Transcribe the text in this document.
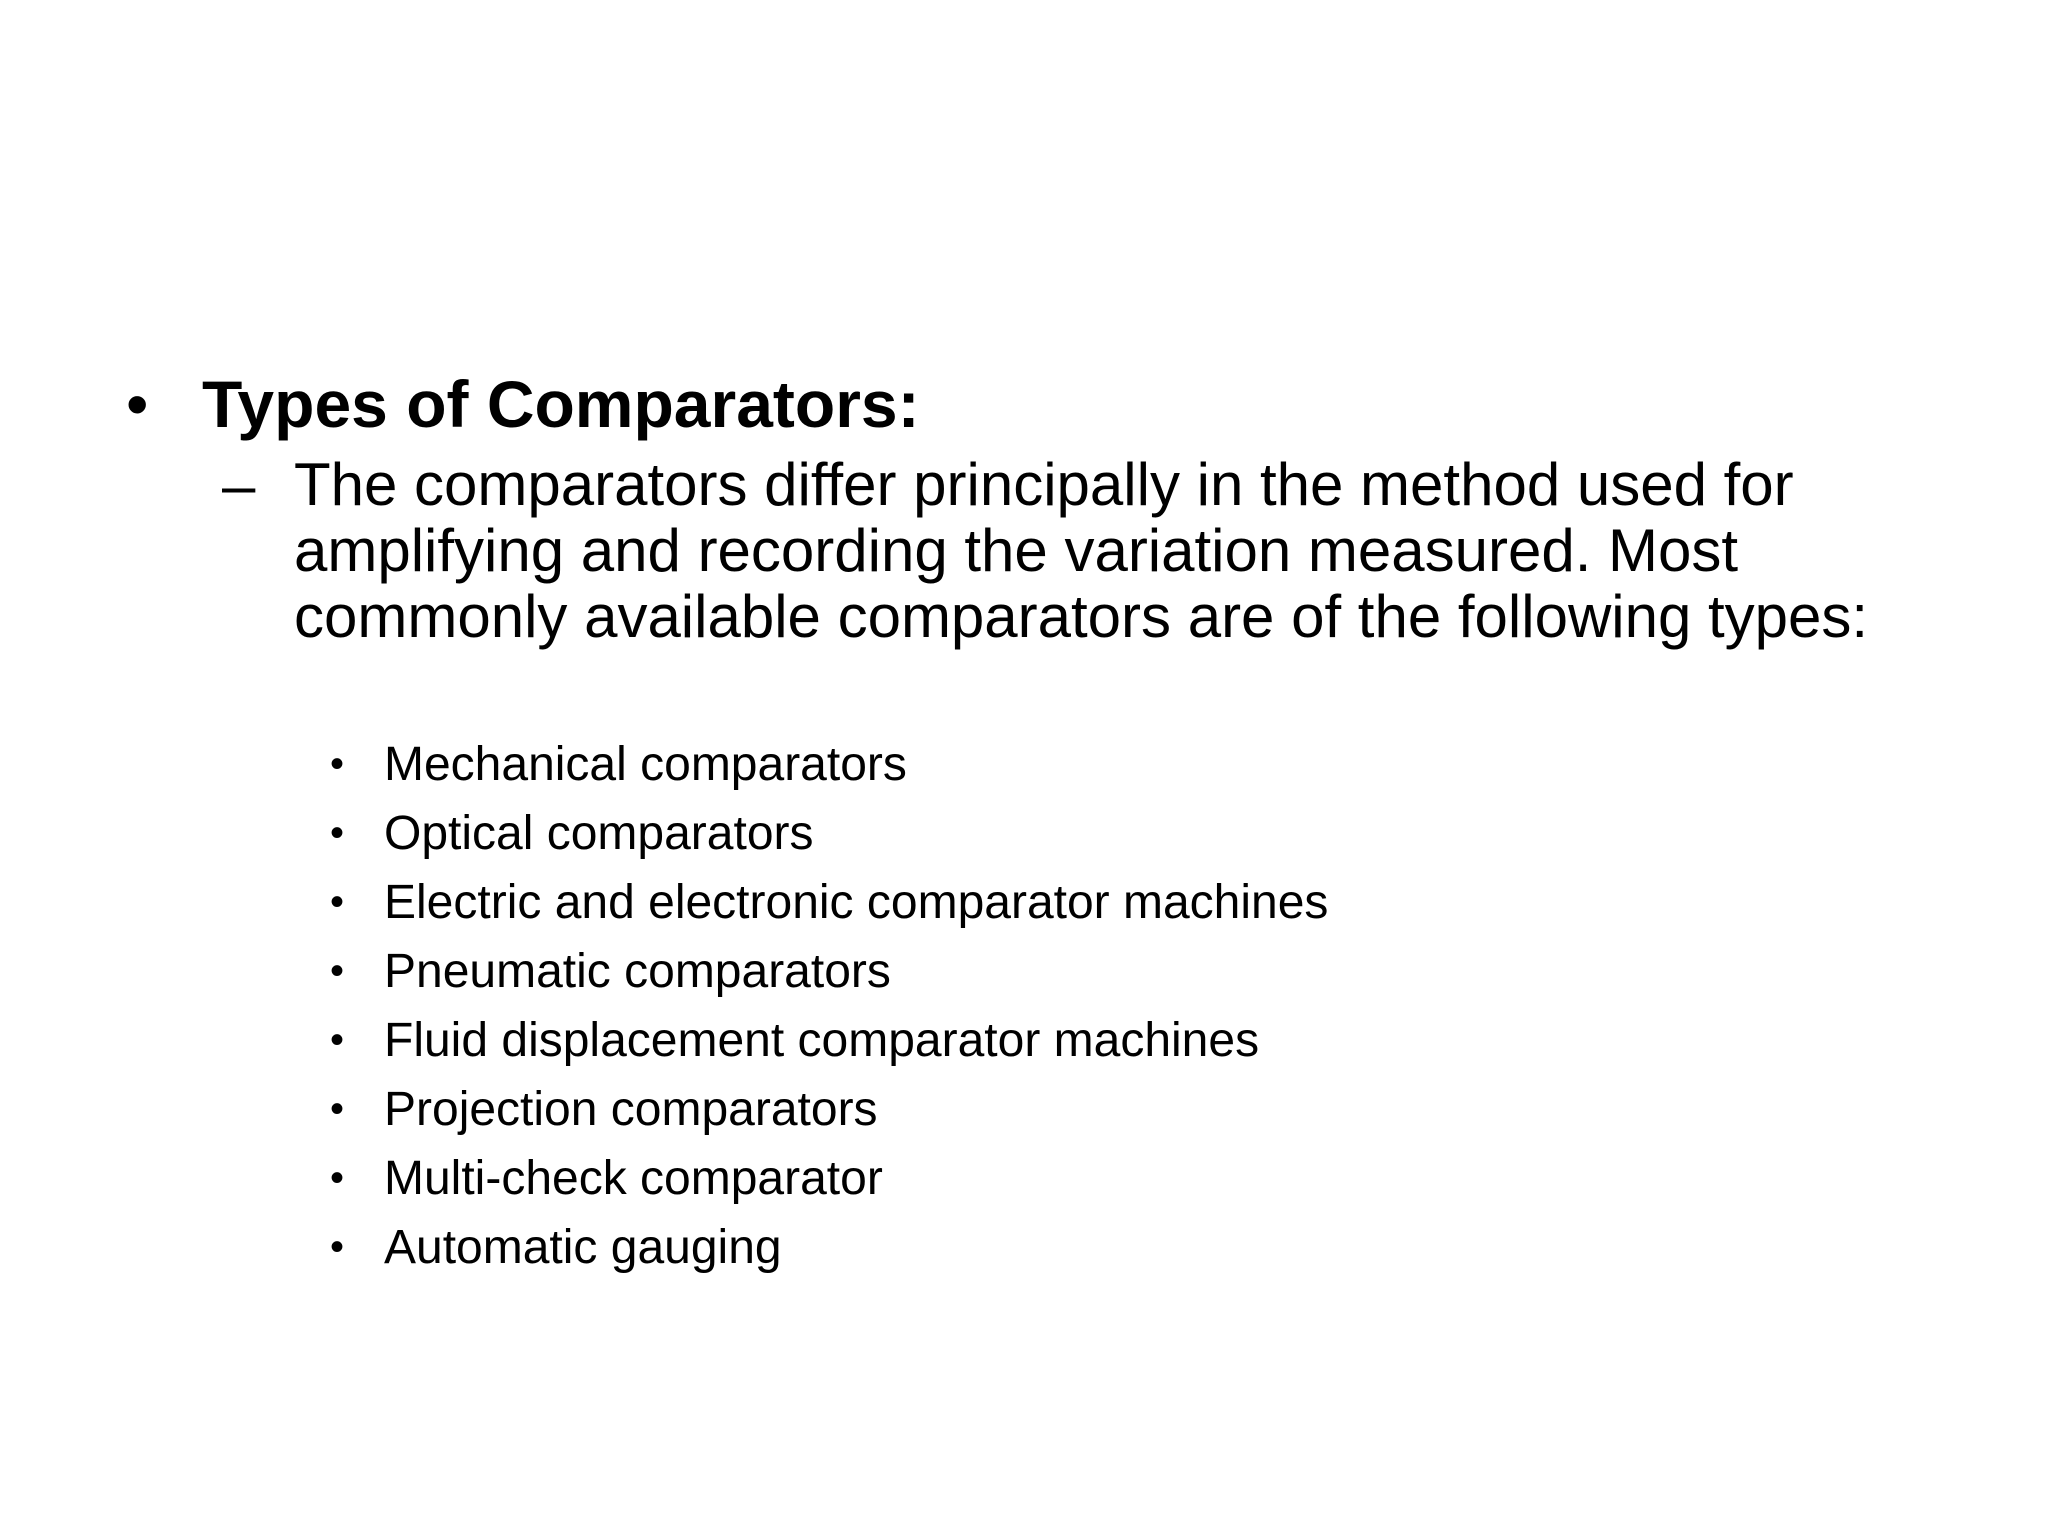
• Types of Comparators:
– The comparators differ principally in the method used for amplifying and recording the variation measured. Most commonly available comparators are of the following types:
• Mechanical comparators
• Optical comparators
• Electric and electronic comparator machines
• Pneumatic comparators
• Fluid displacement comparator machines
• Projection comparators
• Multi-check comparator
• Automatic gauging
